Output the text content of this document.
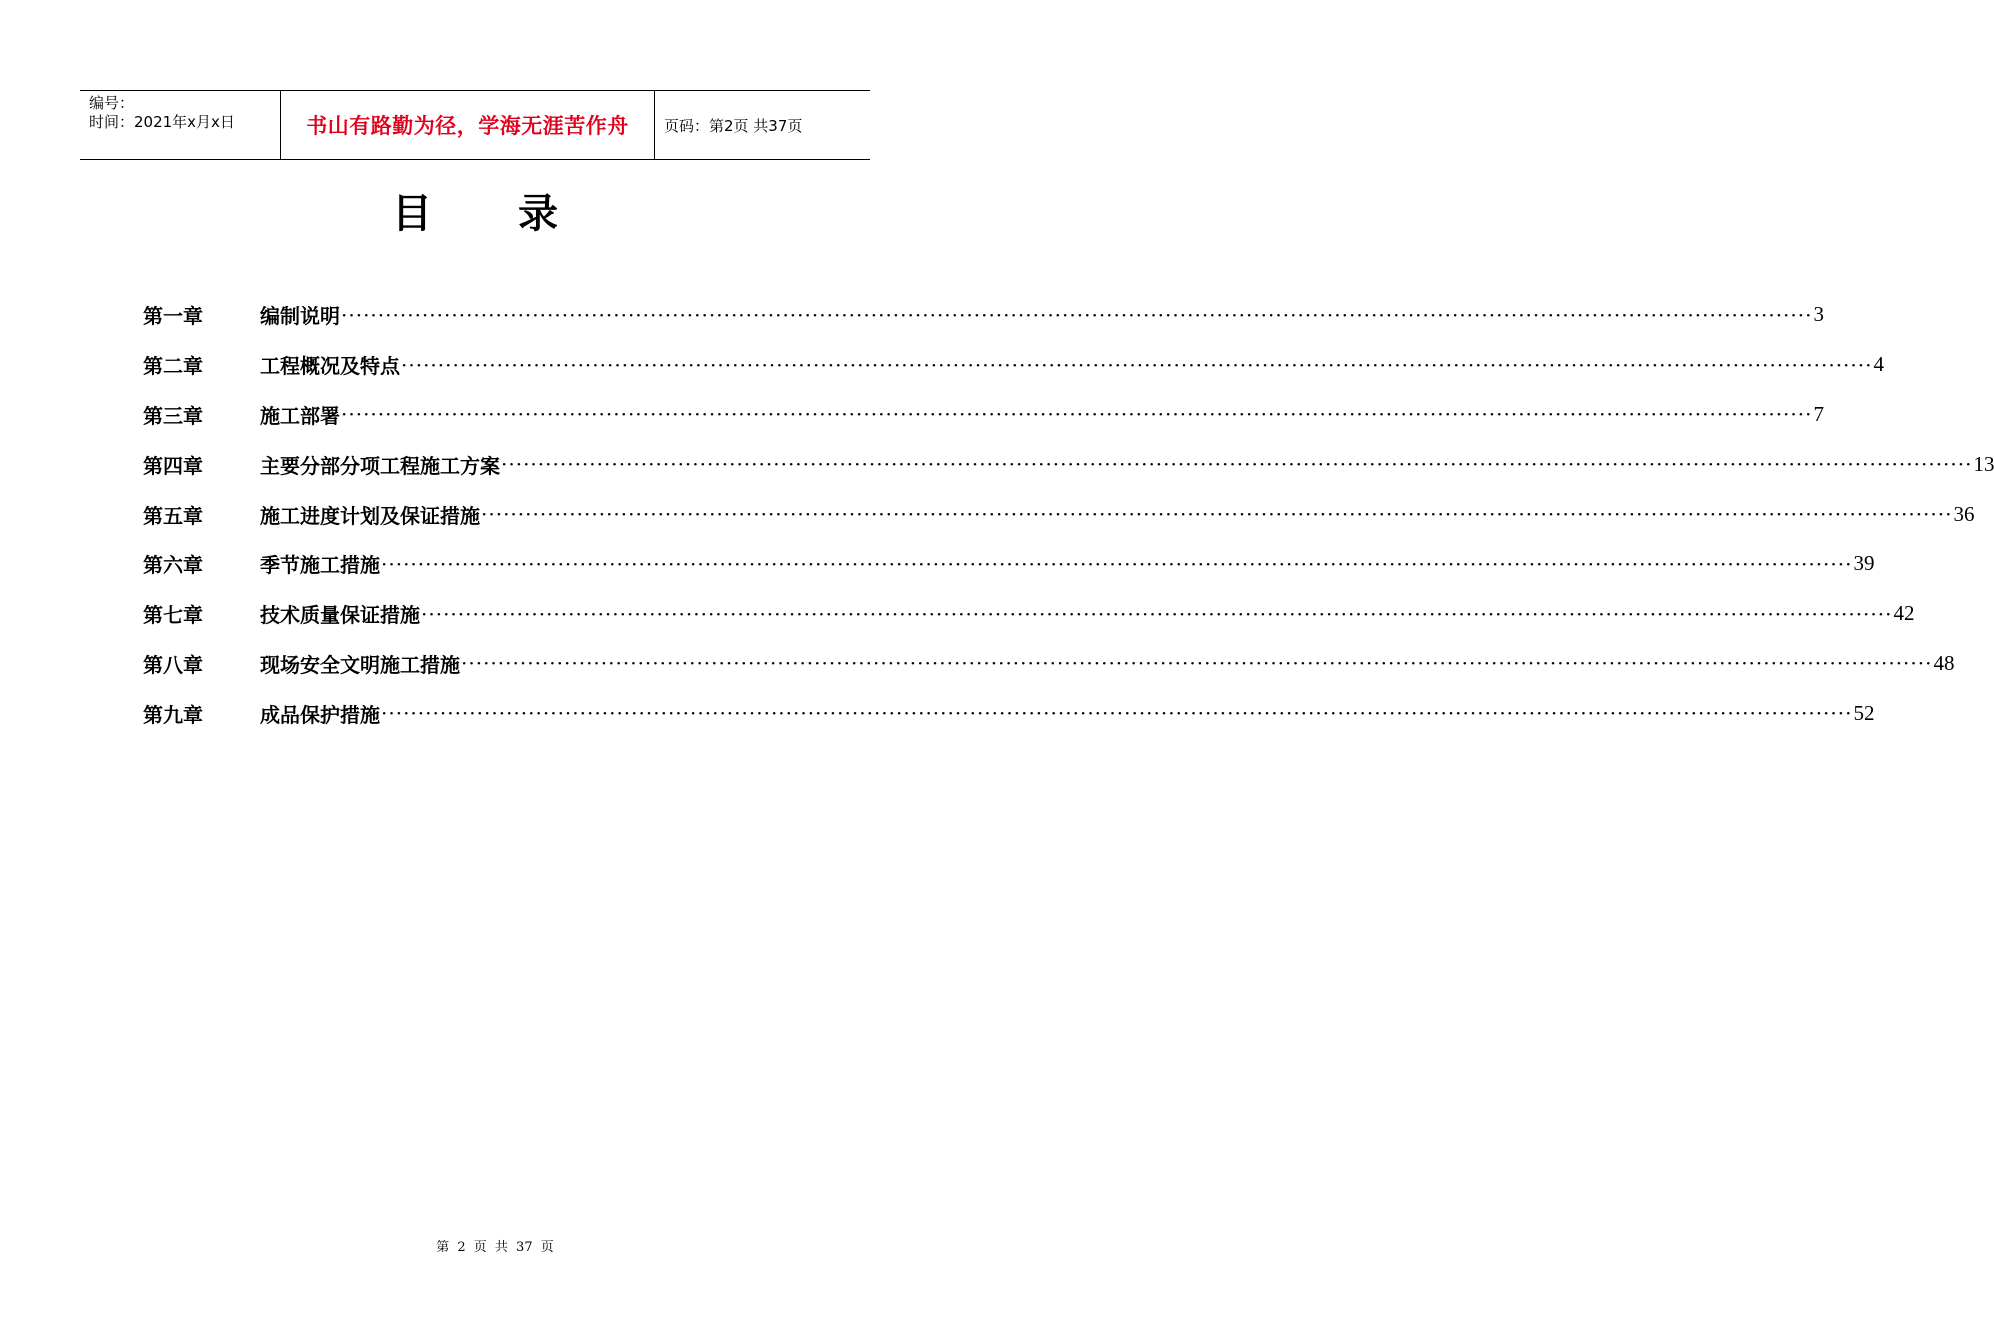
编号：
时间：2021年x月x日	书山有路勤为径，学海无涯苦作舟 页码：第2页 共37页
目 录
第一章	编制说明 ········································································································································································································ 3
第二章	工程概况及特点 ········································································································································································································ 4
第三章	施工部署 ········································································································································································································ 7
第四章	主要分部分项工程施工方案 ········································································································································································································ 13
第五章	施工进度计划及保证措施 ········································································································································································································ 36
第六章	季节施工措施 ········································································································································································································ 39
第七章	技术质量保证措施 ········································································································································································································ 42
第八章	现场安全文明施工措施 ········································································································································································································ 48
第九章	成品保护措施 ········································································································································································································ 52
第 2 页 共 37 页
